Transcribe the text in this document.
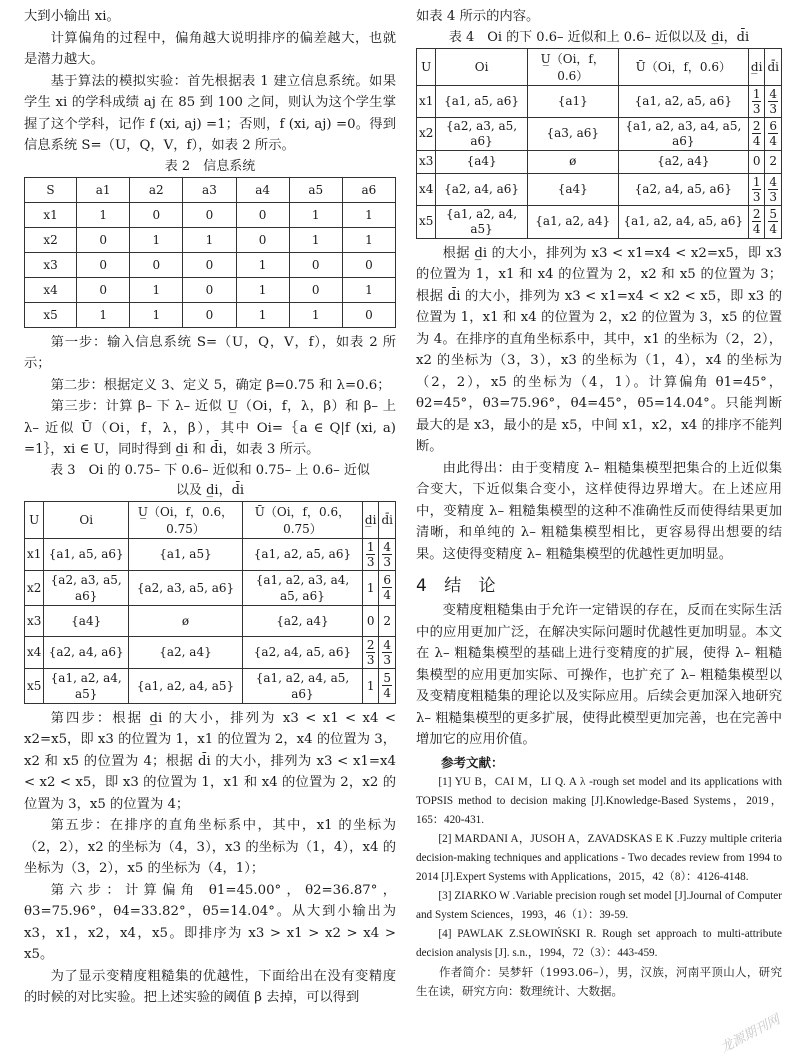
大到小输出 xi。

计算偏角的过程中，偏角越大说明排序的偏差越大，也就是潜力越大。

基于算法的模拟实验：首先根据表 1 建立信息系统。如果学生 xi 的学科成绩 aj 在 85 到 100 之间，则认为这个学生掌握了这个学科，记作 f (xi, aj) =1；否则，f (xi, aj) =0。得到信息系统 S=（U，Q，V，f），如表 2 所示。

表 2　信息系统
S	a1	a2	a3	a4	a5	a6
x1	1	0	0	0	1	1
x2	0	1	1	0	1	1
x3	0	0	0	1	0	0
x4	0	1	0	1	0	1
x5	1	1	0	1	1	0

第一步：输入信息系统 S=（U，Q，V，f），如表 2 所示；

第二步：根据定义 3、定义 5，确定 β=0.75 和 λ=0.6；

第三步：计算 β– 下 λ– 近似 U̲（Oi，f，λ，β）和 β– 上 λ– 近似 Ū（Oi，f，λ，β），其中 Oi=｛a ∈ Q|f (xi, a) =1｝，xi ∈ U，同时得到 d̲i 和 d̄i，如表 3 所示。

表 3　Oi 的 0.75– 下 0.6– 近似和 0.75– 上 0.6– 近似
以及 d̲i，d̄i
U	Oi	U̲（Oi，f，0.6，0.75）	Ū（Oi，f，0.6，0.75）	d̲i	d̄i
x1	{a1, a5, a6}	{a1, a5}	{a1, a2, a5, a6}	$\frac{1}{3}$	$\frac{4}{3}$

x2	{a2, a3, a5, a6}	{a2, a3, a5, a6}	{a1, a2, a3, a4, a5, a6}	1	$\frac{6}{4}$

x3	{a4}	ø	{a2, a4}	0	2
x4	{a2, a4, a6}	{a2, a4}	{a2, a4, a5, a6}	$\frac{2}{3}$	$\frac{4}{3}$

x5	{a1, a2, a4, a5}	{a1, a2, a4, a5}	{a1, a2, a4, a5, a6}	1	$\frac{5}{4}$

第四步：根据 d̲i 的大小，排列为 x3 < x1 < x4 < x2=x5，即 x3 的位置为 1，x1 的位置为 2，x4 的位置为 3，x2 和 x5 的位置为 4；根据 d̄i 的大小，排列为 x3 < x1=x4 < x2 < x5，即 x3 的位置为 1，x1 和 x4 的位置为 2，x2 的位置为 3，x5 的位置为 4；

第五步：在排序的直角坐标系中，其中，x1 的坐标为（2，2），x2 的坐标为（4，3），x3 的坐标为（1，4），x4 的坐标为（3，2），x5 的坐标为（4，1）；

第六步：计算偏角 θ1=45.00°，θ2=36.87°，θ3=75.96°，θ4=33.82°，θ5=14.04°。从大到小输出为 x3，x1，x2，x4，x5。即排序为 x3 > x1 > x2 > x4 > x5。

为了显示变精度粗糙集的优越性，下面给出在没有变精度的时候的对比实验。把上述实验的阈值 β 去掉，可以得到

如表 4 所示的内容。

表 4　Oi 的下 0.6– 近似和上 0.6– 近似以及 d̲i，d̄i
U	Oi	U̲（Oi，f，0.6）	Ū（Oi，f，0.6）	d̲i	d̄i
x1	{a1, a5, a6}	{a1}	{a1, a2, a5, a6}	$\frac{1}{3}$	$\frac{4}{3}$

x2	{a2, a3, a5, a6}	{a3, a6}	{a1, a2, a3, a4, a5, a6}	$\frac{2}{4}$	$\frac{6}{4}$

x3	{a4}	ø	{a2, a4}	0	2
x4	{a2, a4, a6}	{a4}	{a2, a4, a5, a6}	$\frac{1}{3}$	$\frac{4}{3}$

x5	{a1, a2, a4, a5}	{a1, a2, a4}	{a1, a2, a4, a5, a6}	$\frac{2}{4}$	$\frac{5}{4}$

根据 d̲i 的大小，排列为 x3 < x1=x4 < x2=x5，即 x3 的位置为 1，x1 和 x4 的位置为 2，x2 和 x5 的位置为 3；根据 d̄i 的大小，排列为 x3 < x1=x4 < x2 < x5，即 x3 的位置为 1，x1 和 x4 的位置为 2，x2 的位置为 3，x5 的位置为 4。在排序的直角坐标系中，其中，x1 的坐标为（2，2），x2 的坐标为（3，3），x3 的坐标为（1，4），x4 的坐标为（2，2），x5 的坐标为（4，1）。计算偏角 θ1=45°，θ2=45°，θ3=75.96°，θ4=45°，θ5=14.04°。只能判断最大的是 x3，最小的是 x5，中间 x1，x2，x4 的排序不能判断。

由此得出：由于变精度 λ– 粗糙集模型把集合的上近似集合变大，下近似集合变小，这样使得边界增大。在上述应用中，变精度 λ– 粗糙集模型的这种不准确性反而使得结果更加清晰，和单纯的 λ– 粗糙集模型相比，更容易得出想要的结果。这使得变精度 λ– 粗糙集模型的优越性更加明显。

4 结 论

变精度粗糙集由于允许一定错误的存在，反而在实际生活中的应用更加广泛，在解决实际问题时优越性更加明显。本文在 λ– 粗糙集模型的基础上进行变精度的扩展，使得 λ– 粗糙集模型的应用更加实际、可操作，也扩充了 λ– 粗糙集模型以及变精度粗糙集的理论以及实际应用。后续会更加深入地研究 λ– 粗糙集模型的更多扩展，使得此模型更加完善，也在完善中增加它的应用价值。

参考文献：

[1] YU B，CAI M，LI Q. A λ -rough set model and its applications with TOPSIS method to decision making [J].Knowledge-Based Systems，2019，165：420-431.

[2] MARDANI A，JUSOH A，ZAVADSKAS E K .Fuzzy multiple criteria decision-making techniques and applications - Two decades review from 1994 to 2014 [J].Expert Systems with Applications，2015，42（8）：4126-4148.

[3] ZIARKO W .Variable precision rough set model [J].Journal of Computer and System Sciences，1993，46（1）：39-59.

[4] PAWLAK Z.SŁOWIŃSKI R. Rough set approach to multi-attribute decision analysis [J]. s.n.，1994，72（3）：443-459.

作者简介：吴梦轩（1993.06–），男，汉族，河南平顶山人，研究生在读，研究方向：数理统计、大数据。

龙源期刊网
